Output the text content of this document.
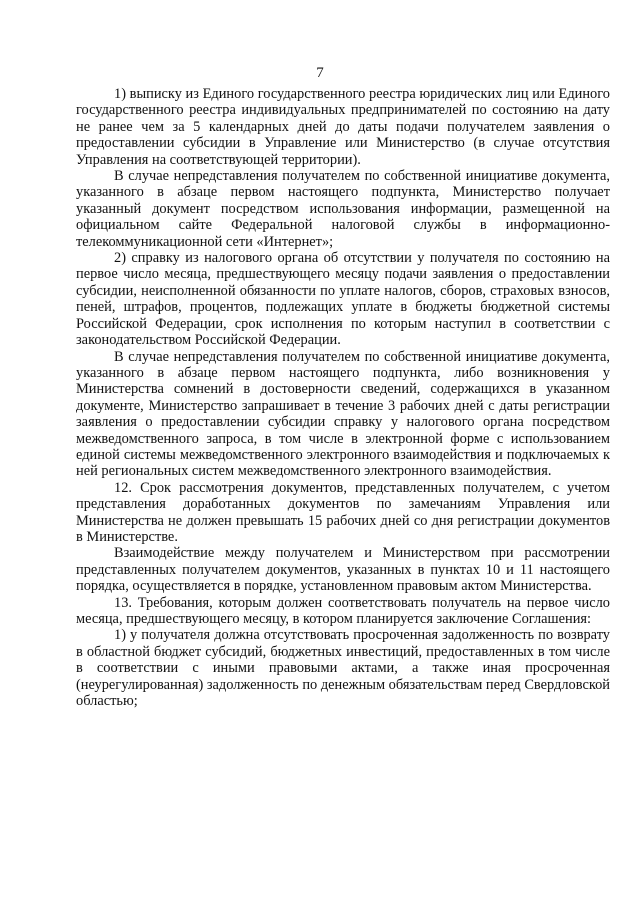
7

1) выписку из Единого государственного реестра юридических лиц или Единого государственного реестра индивидуальных предпринимателей по состоянию на дату не ранее чем за 5 календарных дней до даты подачи получателем заявления о предоставлении субсидии в Управление или Министерство (в случае отсутствия Управления на соответствующей территории).

В случае непредставления получателем по собственной инициативе документа, указанного в абзаце первом настоящего подпункта, Министерство получает указанный документ посредством использования информации, размещенной на официальном сайте Федеральной налоговой службы в информационно-телекоммуникационной сети «Интернет»;

2) справку из налогового органа об отсутствии у получателя по состоянию на первое число месяца, предшествующего месяцу подачи заявления о предоставлении субсидии, неисполненной обязанности по уплате налогов, сборов, страховых взносов, пеней, штрафов, процентов, подлежащих уплате в бюджеты бюджетной системы Российской Федерации, срок исполнения по которым наступил в соответствии с законодательством Российской Федерации.

В случае непредставления получателем по собственной инициативе документа, указанного в абзаце первом настоящего подпункта, либо возникновения у Министерства сомнений в достоверности сведений, содержащихся в указанном документе, Министерство запрашивает в течение 3 рабочих дней с даты регистрации заявления о предоставлении субсидии справку у налогового органа посредством межведомственного запроса, в том числе в электронной форме с использованием единой системы межведомственного электронного взаимодействия и подключаемых к ней региональных систем межведомственного электронного взаимодействия.

12. Срок рассмотрения документов, представленных получателем, с учетом представления доработанных документов по замечаниям Управления или Министерства не должен превышать 15 рабочих дней со дня регистрации документов в Министерстве.

Взаимодействие между получателем и Министерством при рассмотрении представленных получателем документов, указанных в пунктах 10 и 11 настоящего порядка, осуществляется в порядке, установленном правовым актом Министерства.

13. Требования, которым должен соответствовать получатель на первое число месяца, предшествующего месяцу, в котором планируется заключение Соглашения:

1) у получателя должна отсутствовать просроченная задолженность по возврату в областной бюджет субсидий, бюджетных инвестиций, предоставленных в том числе в соответствии с иными правовыми актами, а также иная просроченная (неурегулированная) задолженность по денежным обязательствам перед Свердловской областью;
